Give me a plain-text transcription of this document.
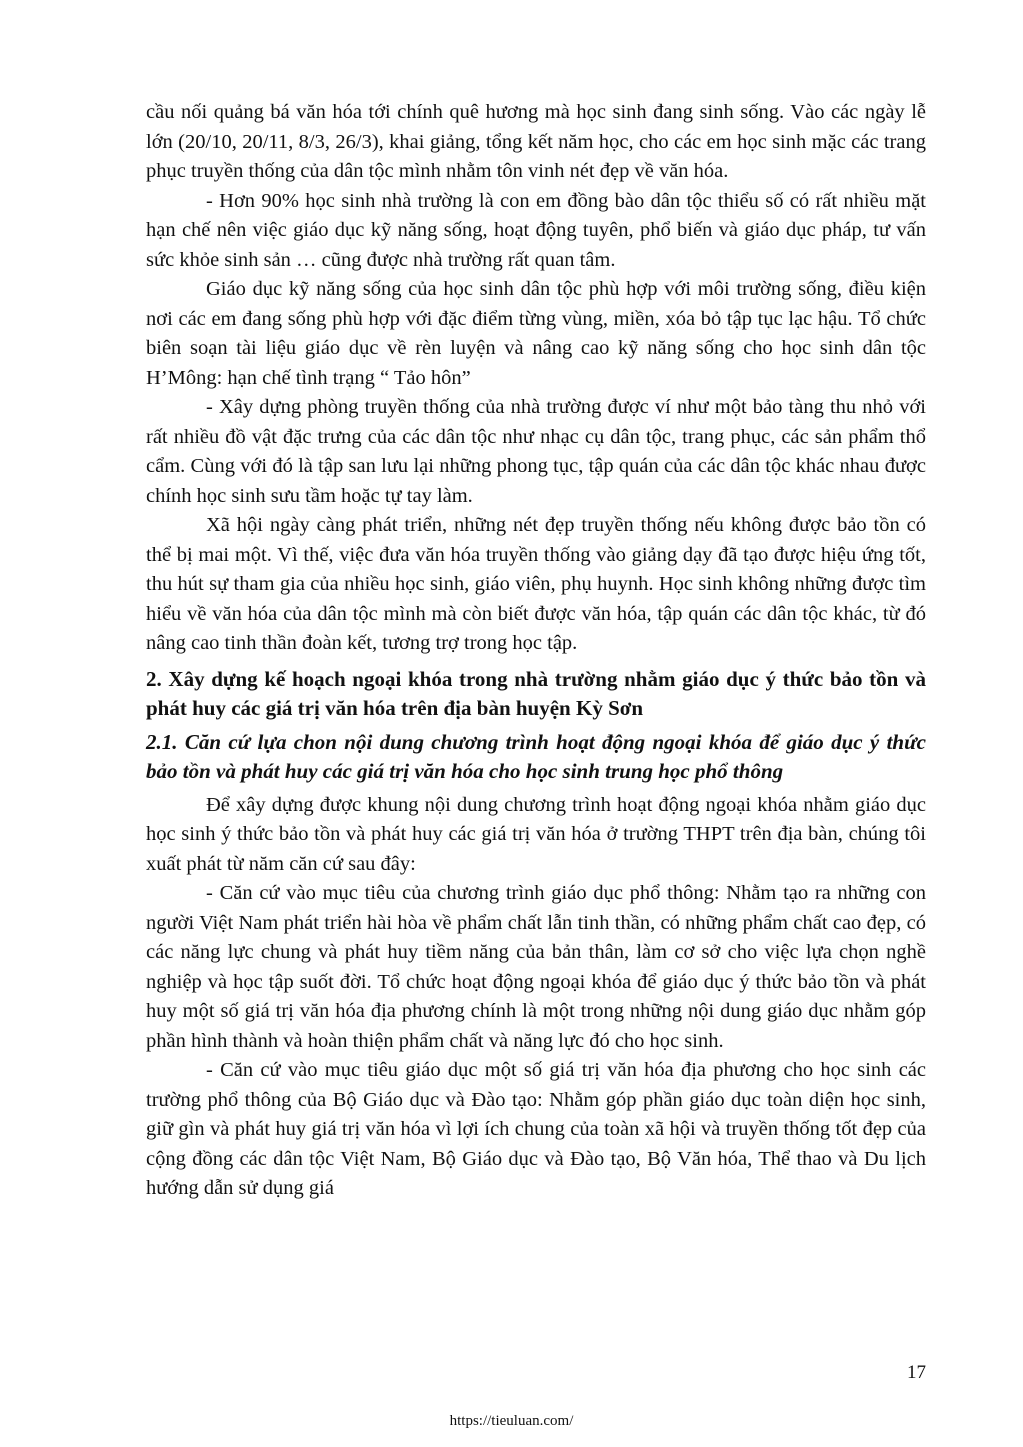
cầu nối quảng bá văn hóa tới chính quê hương mà học sinh đang sinh sống. Vào các ngày lễ lớn (20/10, 20/11, 8/3, 26/3), khai giảng, tổng kết năm học, cho các em học sinh mặc các trang phục truyền thống của dân tộc mình nhằm tôn vinh nét đẹp về văn hóa.

- Hơn 90% học sinh nhà trường là con em đồng bào dân tộc thiểu số có rất nhiều mặt hạn chế nên việc giáo dục kỹ năng sống, hoạt động tuyên, phổ biến và giáo dục pháp, tư vấn sức khỏe sinh sản … cũng được nhà trường rất quan tâm.

Giáo dục kỹ năng sống của học sinh dân tộc phù hợp với môi trường sống, điều kiện nơi các em đang sống phù hợp với đặc điểm từng vùng, miền, xóa bỏ tập tục lạc hậu. Tổ chức biên soạn tài liệu giáo dục về rèn luyện và nâng cao kỹ năng sống cho học sinh dân tộc H’Mông: hạn chế tình trạng “ Tảo hôn”

- Xây dựng phòng truyền thống của nhà trường được ví như một bảo tàng thu nhỏ với rất nhiều đồ vật đặc trưng của các dân tộc như nhạc cụ dân tộc, trang phục, các sản phẩm thổ cẩm. Cùng với đó là tập san lưu lại những phong tục, tập quán của các dân tộc khác nhau được chính học sinh sưu tầm hoặc tự tay làm.

Xã hội ngày càng phát triển, những nét đẹp truyền thống nếu không được bảo tồn có thể bị mai một. Vì thế, việc đưa văn hóa truyền thống vào giảng dạy đã tạo được hiệu ứng tốt, thu hút sự tham gia của nhiều học sinh, giáo viên, phụ huynh. Học sinh không những được tìm hiểu về văn hóa của dân tộc mình mà còn biết được văn hóa, tập quán các dân tộc khác, từ đó nâng cao tinh thần đoàn kết, tương trợ trong học tập.

2. Xây dựng kế hoạch ngoại khóa trong nhà trường nhằm giáo dục ý thức bảo tồn và phát huy các giá trị văn hóa trên địa bàn huyện Kỳ Sơn
2.1. Căn cứ lựa chon nội dung chương trình hoạt động ngoại khóa để giáo dục ý thức bảo tồn và phát huy các giá trị văn hóa cho học sinh trung học phổ thông

Để xây dựng được khung nội dung chương trình hoạt động ngoại khóa nhằm giáo dục học sinh ý thức bảo tồn và phát huy các giá trị văn hóa ở trường THPT trên địa bàn, chúng tôi xuất phát từ năm căn cứ sau đây:

- Căn cứ vào mục tiêu của chương trình giáo dục phổ thông: Nhằm tạo ra những con người Việt Nam phát triển hài hòa về phẩm chất lẫn tinh thần, có những phẩm chất cao đẹp, có các năng lực chung và phát huy tiềm năng của bản thân, làm cơ sở cho việc lựa chọn nghề nghiệp và học tập suốt đời. Tổ chức hoạt động ngoại khóa để giáo dục ý thức bảo tồn và phát huy một số giá trị văn hóa địa phương chính là một trong những nội dung giáo dục nhằm góp phần hình thành và hoàn thiện phẩm chất và năng lực đó cho học sinh.

- Căn cứ vào mục tiêu giáo dục một số giá trị văn hóa địa phương cho học sinh các trường phổ thông của Bộ Giáo dục và Đào tạo: Nhằm góp phần giáo dục toàn diện học sinh, giữ gìn và phát huy giá trị văn hóa vì lợi ích chung của toàn xã hội và truyền thống tốt đẹp của cộng đồng các dân tộc Việt Nam, Bộ Giáo dục và Đào tạo, Bộ Văn hóa, Thể thao và Du lịch hướng dẫn sử dụng giá

17
https://tieuluan.com/
